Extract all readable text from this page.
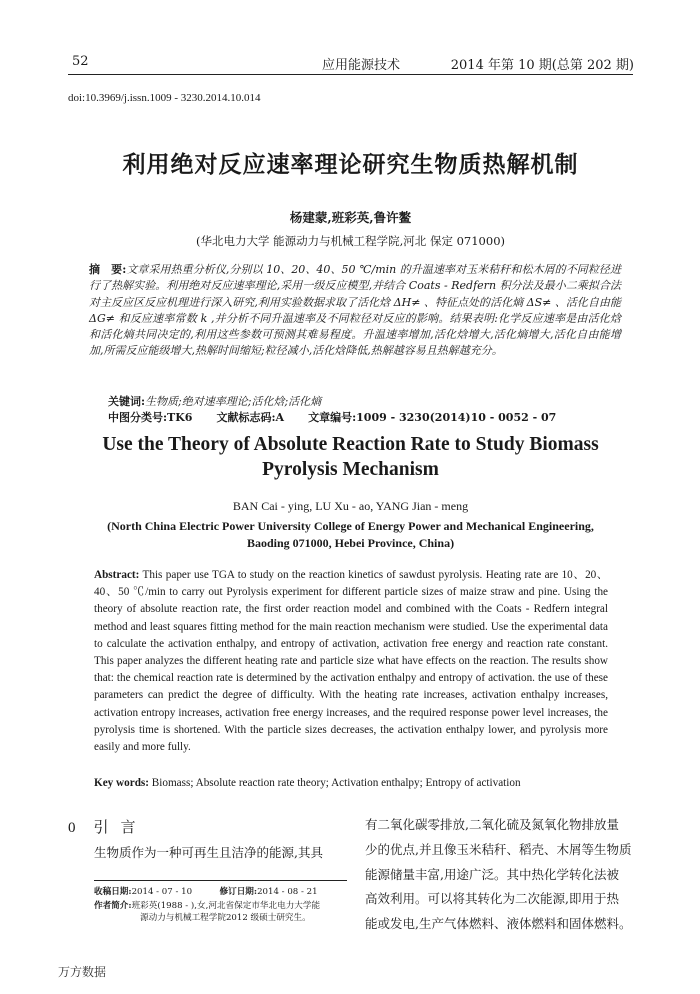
52	应用能源技术	2014 年第 10 期(总第 202 期)
doi:10.3969/j.issn.1009 - 3230.2014.10.014
利用绝对反应速率理论研究生物质热解机制
杨建蒙,班彩英,鲁许鳌
(华北电力大学 能源动力与机械工程学院,河北 保定 071000)
摘　要:文章采用热重分析仪,分别以 10、20、40、50 ℃/min 的升温速率对玉米秸秆和松木屑的不同粒径进行了热解实验。利用绝对反应速率理论,采用一级反应模型,并结合 Coats - Redfern 积分法及最小二乘拟合法对主反应区反应机理进行深入研究,利用实验数据求取了活化焓 ΔH≠ 、特征点处的活化熵 ΔS≠ 、活化自由能 ΔG≠ 和反应速率常数 k ,并分析不同升温速率及不同粒径对反应的影响。结果表明:化学反应速率是由活化焓和活化熵共同决定的,利用这些参数可预测其难易程度。升温速率增加,活化焓增大,活化熵增大,活化自由能增加,所需反应能级增大,热解时间缩短;粒径减小,活化焓降低,热解越容易且热解越充分。
关键词:生物质;绝对速率理论;活化焓;活化熵
中图分类号:TK6 文献标志码:A 文章编号:1009 - 3230(2014)10 - 0052 - 07
Use the Theory of Absolute Reaction Rate to Study Biomass
Pyrolysis Mechanism
BAN Cai - ying, LU Xu - ao, YANG Jian - meng
(North China Electric Power University College of Energy Power and Mechanical Engineering,
Baoding 071000, Hebei Province, China)
Abstract: This paper use TGA to study on the reaction kinetics of sawdust pyrolysis. Heating rate are 10、20、40、50 ℃/min to carry out Pyrolysis experiment for different particle sizes of maize straw and pine. Using the theory of absolute reaction rate, the first order reaction model and combined with the Coats - Redfern integral method and least squares fitting method for the main reaction mechanism were studied. Use the experimental data to calculate the activation enthalpy, and entropy of activation, activation free energy and reaction rate constant. This paper analyzes the different heating rate and particle size what have effects on the reaction. The results show that: the chemical reaction rate is determined by the activation enthalpy and entropy of activation. the use of these parameters can predict the degree of difficulty. With the heating rate increases, activation enthalpy increases, activation entropy increases, activation free energy increases, and the required response power level increases, the pyrolysis time is shortened. With the particle sizes decreases, the activation enthalpy lower, and pyrolysis more easily and more fully.
Key words: Biomass; Absolute reaction rate theory; Activation enthalpy; Entropy of activation
0 引言
生物质作为一种可再生且洁净的能源,其具
收稿日期:2014 - 07 - 10	修订日期:2014 - 08 - 21
作者简介:班彩英(1988 - ),女,河北省保定市华北电力大学能
源动力与机械工程学院2012 级硕士研究生。
有二氧化碳零排放,二氧化硫及氮氧化物排放量
少的优点,并且像玉米秸秆、稻壳、木屑等生物质
能源储量丰富,用途广泛。其中热化学转化法被
高效利用。可以将其转化为二次能源,即用于热
能或发电,生产气体燃料、液体燃料和固体燃料。
万方数据
